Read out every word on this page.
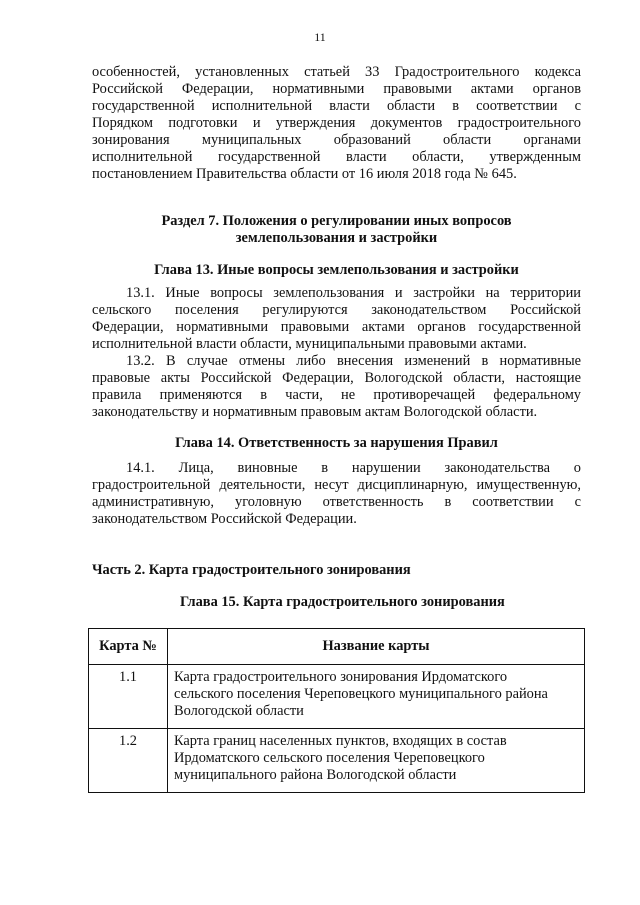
11
особенностей, установленных статьей 33 Градостроительного кодекса
Российской Федерации, нормативными правовыми актами органов
государственной исполнительной власти области в соответствии с
Порядком подготовки и утверждения документов градостроительного
зонирования муниципальных образований области органами
исполнительной государственной власти области, утвержденным
постановлением Правительства области от 16 июля 2018 года № 645.
Раздел 7. Положения о регулировании иных вопросов
землепользования и застройки
Глава 13. Иные вопросы землепользования и застройки
13.1. Иные вопросы землепользования и застройки на территории
сельского поселения регулируются законодательством Российской
Федерации, нормативными правовыми актами органов государственной
исполнительной власти области, муниципальными правовыми актами.
13.2. В случае отмены либо внесения изменений в нормативные
правовые акты Российской Федерации, Вологодской области, настоящие
правила применяются в части, не противоречащей федеральному
законодательству и нормативным правовым актам Вологодской области.
Глава 14. Ответственность за нарушения Правил
14.1. Лица, виновные в нарушении законодательства о
градостроительной деятельности, несут дисциплинарную, имущественную,
административную, уголовную ответственность в соответствии с
законодательством Российской Федерации.
Часть 2. Карта градостроительного зонирования
Глава 15. Карта градостроительного зонирования
Карта №	Название карты
1.1	Карта градостроительного зонирования Ирдоматского
сельского поселения Череповецкого муниципального района
Вологодской области

1.2	Карта границ населенных пунктов, входящих в состав
Ирдоматского сельского поселения Череповецкого
муниципального района Вологодской области
